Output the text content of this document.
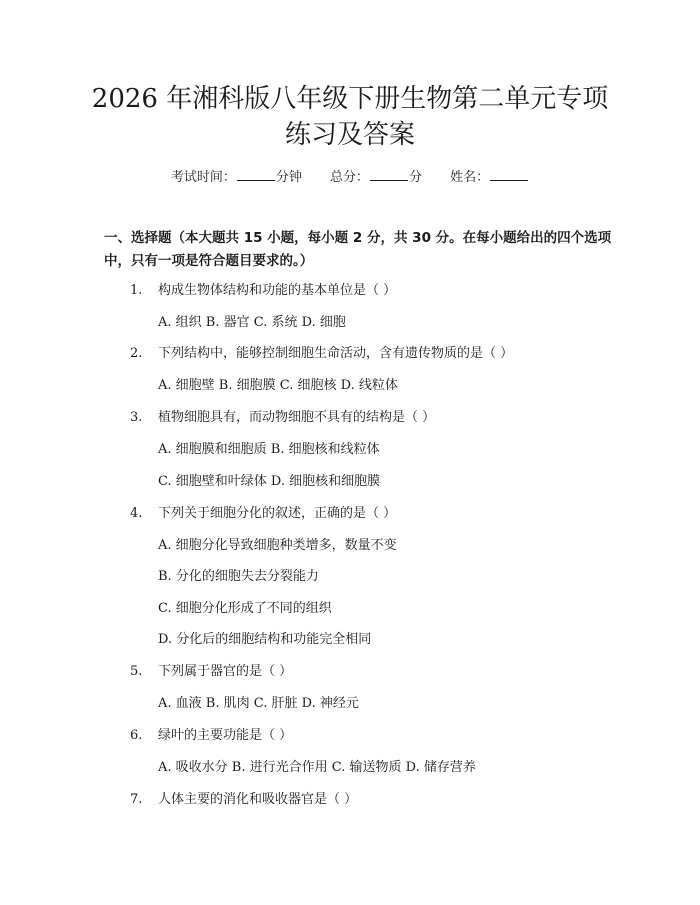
2026 年湘科版八年级下册生物第二单元专项
练习及答案
考试时间：	分钟 总分：	分 姓名：
一、选择题（本大题共 15 小题，每小题 2 分，共 30 分。在每小题给出的四个选项中，只有一项是符合题目要求的。）
1. 构成生物体结构和功能的基本单位是（ ）
A. 组织 B. 器官 C. 系统 D. 细胞
2. 下列结构中，能够控制细胞生命活动，含有遗传物质的是（ ）
A. 细胞壁 B. 细胞膜 C. 细胞核 D. 线粒体
3. 植物细胞具有，而动物细胞不具有的结构是（ ）
A. 细胞膜和细胞质 B. 细胞核和线粒体
C. 细胞壁和叶绿体 D. 细胞核和细胞膜
4. 下列关于细胞分化的叙述，正确的是（ ）
A. 细胞分化导致细胞种类增多，数量不变
B. 分化的细胞失去分裂能力
C. 细胞分化形成了不同的组织
D. 分化后的细胞结构和功能完全相同
5. 下列属于器官的是（ ）
A. 血液 B. 肌肉 C. 肝脏 D. 神经元
6. 绿叶的主要功能是（ ）
A. 吸收水分 B. 进行光合作用 C. 输送物质 D. 储存营养
7. 人体主要的消化和吸收器官是（ ）
